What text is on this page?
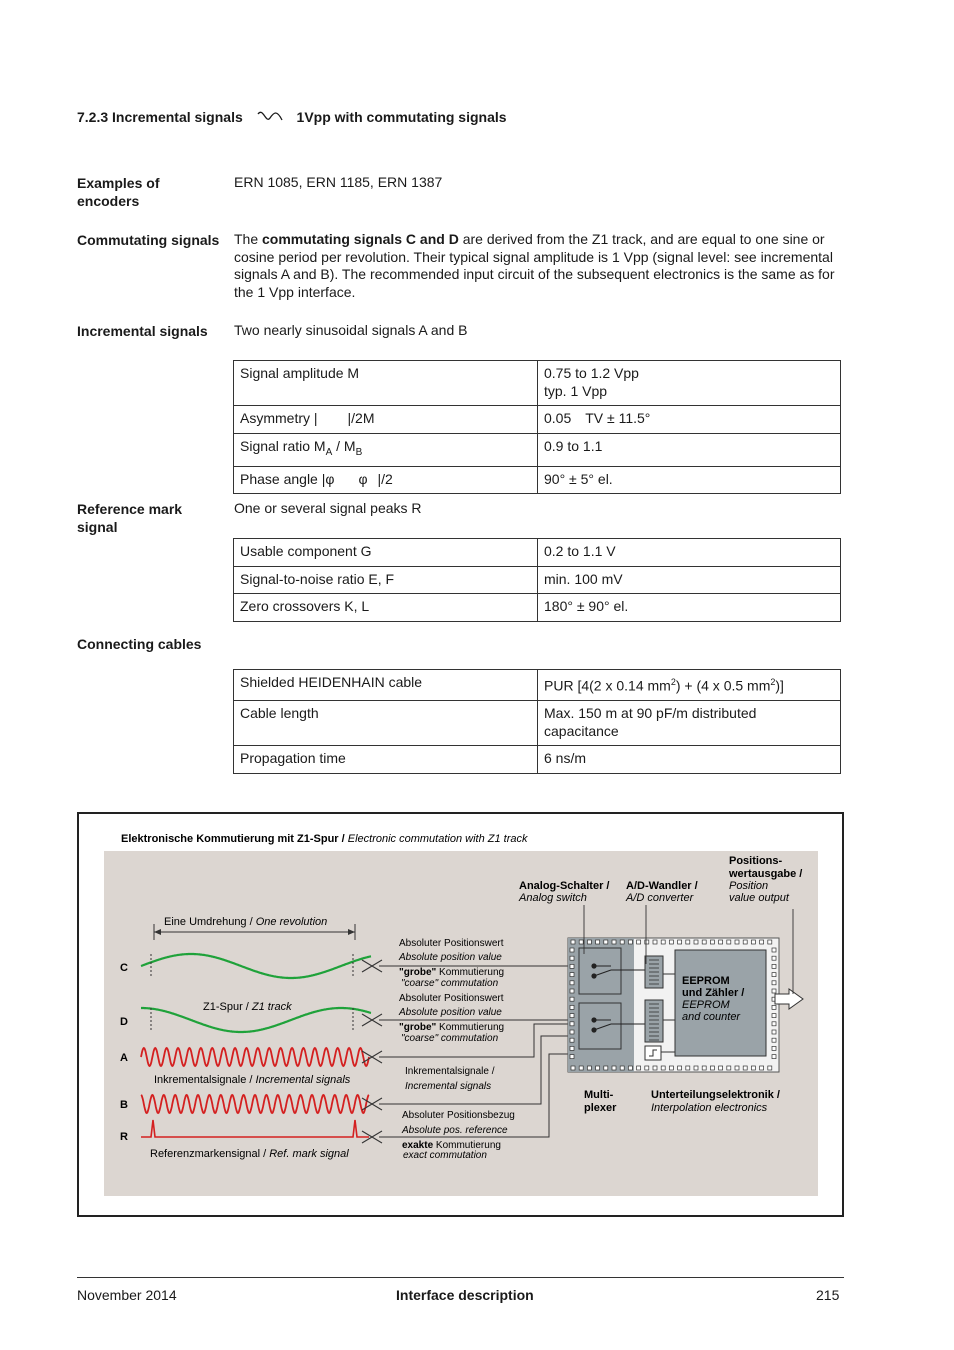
7.2.3 Incremental signals	1Vpp with commutating signals
Examples of encoders
ERN 1085, ERN 1185, ERN 1387
Commutating signals The commutating signals C and D are derived from the Z1 track, and are equal to one sine or cosine period per revolution. Their typical signal amplitude is 1 Vpp (signal level: see incremental signals A and B). The recommended input circuit of the subsequent electronics is the same as for the 1 Vpp interface.
Incremental signals	Two nearly sinusoidal signals A and B
Signal amplitude M	0.75 to 1.2 Vpp
typ. 1 Vpp
Asymmetry | |/2M	0.05 TV ± 11.5°
Signal ratio $M_A / M_B$	0.9 to 1.1
Phase angle |φ φ |/2	90° ± 5° el.
Reference mark signal
One or several signal peaks R
Usable component G	0.2 to 1.1 V
Signal-to-noise ratio E, F	min. 100 mV
Zero crossovers K, L	180° ± 90° el.
Connecting cables
Shielded HEIDENHAIN cable	PUR [4(2 x 0.14 $mm^2) + (4$ x 0.5 $mm^2$)]
Cable length	Max. 150 m at 90 pF/m distributed capacitance
Propagation time	6 ns/m
Elektronische Kommutierung mit Z1-Spur / Electronic commutation with Z1 track
Eine Umdrehung / One revolution
Z1-Spur / Z1 track
Inkrementalsignale / Incremental signals
Referenzmarkensignal / Ref. mark signal
C
D
A
B
R
Absoluter Positionswert
Absolute position value
"grobe" Kommutierung
"coarse" commutation
Absoluter Positionswert
Absolute position value
"grobe" Kommutierung
"coarse" commutation
Inkrementalsignale /
Incremental signals
Absoluter Positionsbezug
Absolute pos. reference
exakte Kommutierung
exact commutation
EEPROM
und Zähler /
EEPROM
and counter
Analog-Schalter /
Analog switch
A/D-Wandler /
A/D converter
Positions-
wertausgabe /
Position
value output
Multi-
plexer
Unterteilungselektronik /
Interpolation electronics
November 2014	Interface description	215
